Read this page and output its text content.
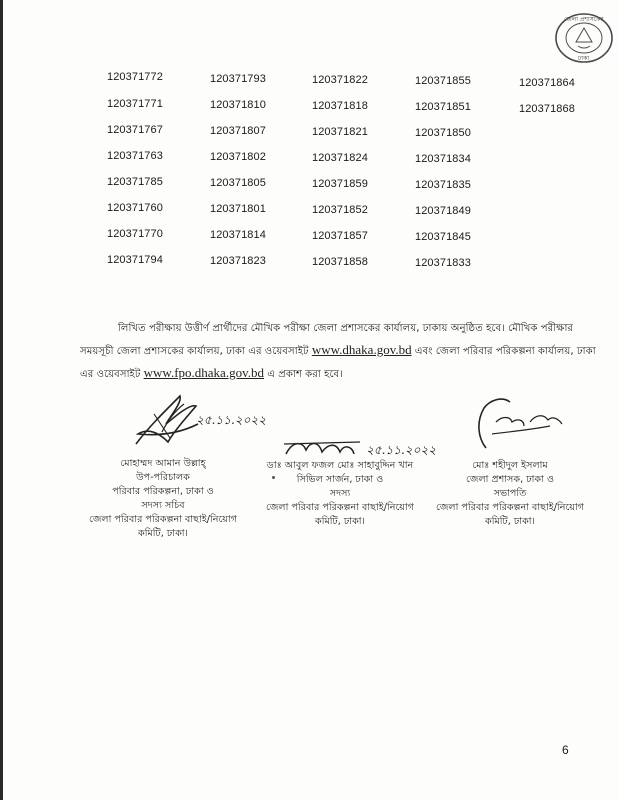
জেলা প্রশাসকের
ঢাকা
120371772
120371771
120371767
120371763
120371785
120371760
120371770
120371794
120371793
120371810
120371807
120371802
120371805
120371801
120371814
120371823
120371822
120371818
120371821
120371824
120371859
120371852
120371857
120371858
120371855
120371851
120371850
120371834
120371835
120371849
120371845
120371833
120371864
120371868
লিখিত পরীক্ষায় উত্তীর্ণ প্রার্থীদের মৌখিক পরীক্ষা জেলা প্রশাসকের কার্যালয়, ঢাকায় অনুষ্ঠিত হবে। মৌখিক পরীক্ষার
সময়সূচী জেলা প্রশাসকের কার্যালয়, ঢাকা এর ওয়েবসাইট www.dhaka.gov.bd এবং জেলা পরিবার পরিকল্পনা কার্যালয়, ঢাকা
এর ওয়েবসাইট www.fpo.dhaka.gov.bd এ প্রকাশ করা হবে।
২৫.১১.২০২২
২৫.১১.২০২২
মোহাম্মদ আমান উল্লাহ্
উপ-পরিচালক
পরিবার পরিকল্পনা, ঢাকা ও
সদস্য সচিব
জেলা পরিবার পরিকল্পনা বাছাই/নিয়োগ
কমিটি, ঢাকা।
ডাঃ আবুল ফজল মোঃ সাহাবুদ্দিন খান
সিভিল সার্জন, ঢাকা ও
সদস্য
জেলা পরিবার পরিকল্পনা বাছাই/নিয়োগ
কমিটি, ঢাকা।
মোঃ শহীদুল ইসলাম
জেলা প্রশাসক, ঢাকা ও
সভাপতি
জেলা পরিবার পরিকল্পনা বাছাই/নিয়োগ
কমিটি, ঢাকা।
6
